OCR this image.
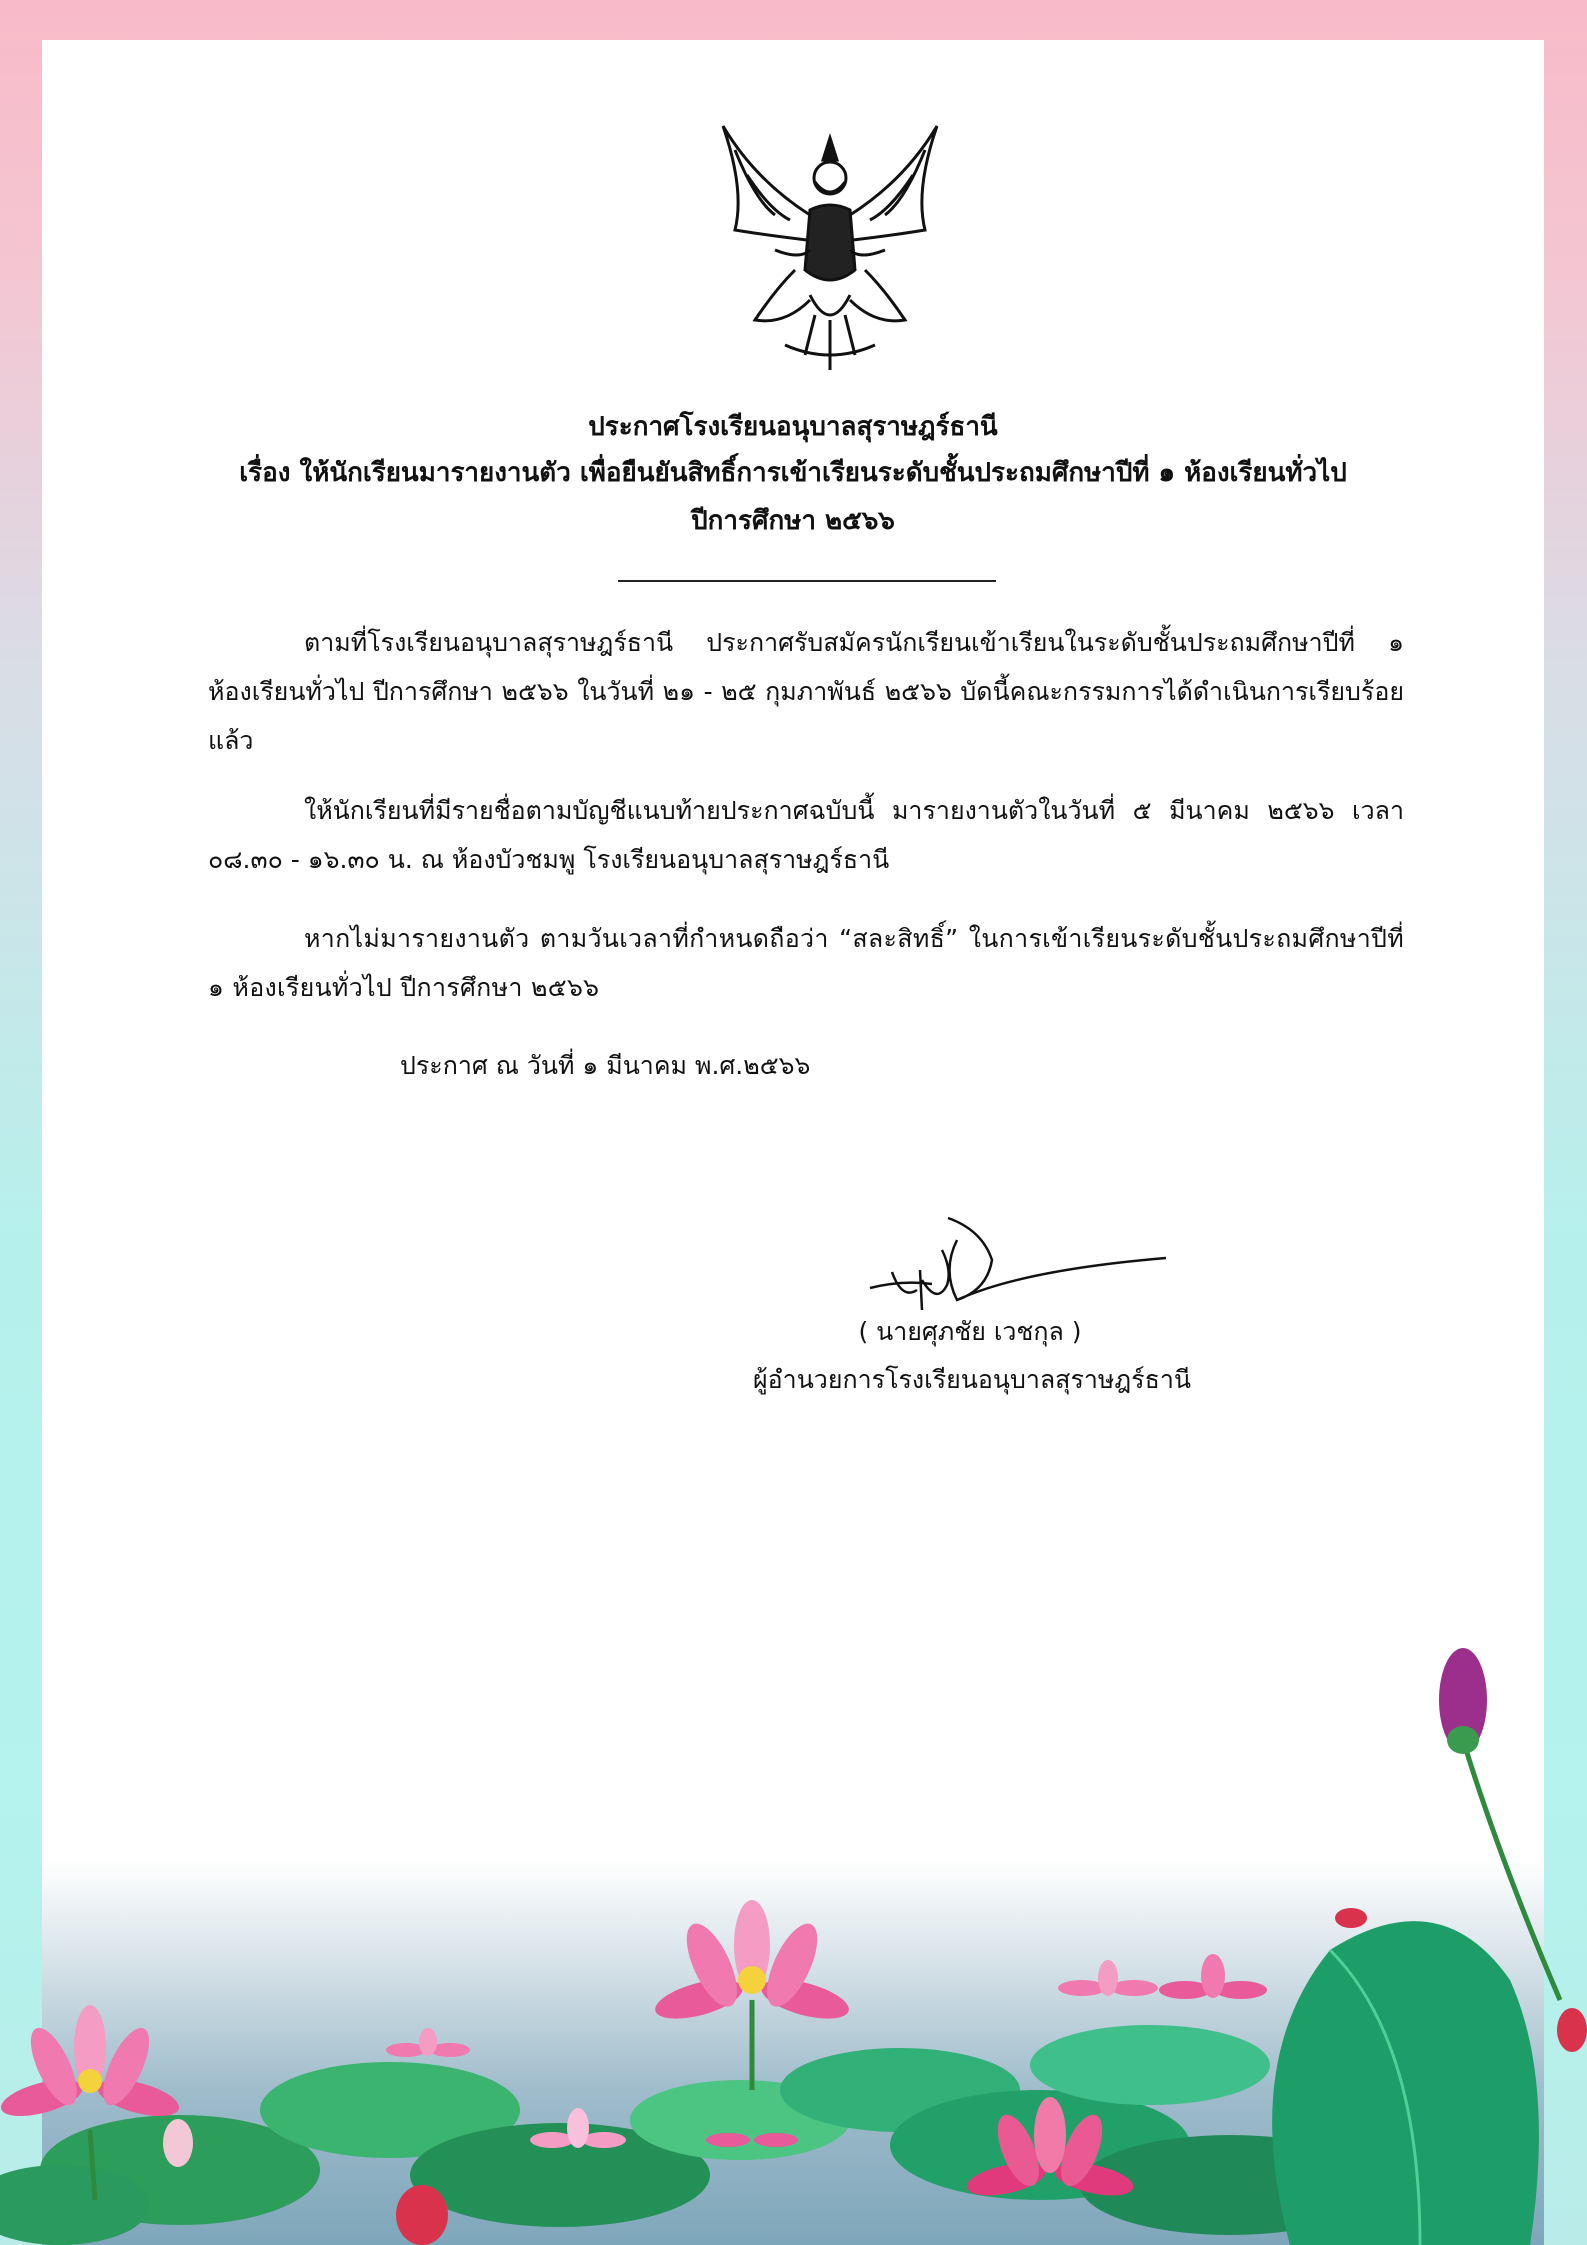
ประกาศโรงเรียนอนุบาลสุราษฎร์ธานี
เรื่อง ให้นักเรียนมารายงานตัว เพื่อยืนยันสิทธิ์การเข้าเรียนระดับชั้นประถมศึกษาปีที่ ๑ ห้องเรียนทั่วไป
ปีการศึกษา ๒๕๖๖

ตามที่โรงเรียนอนุบาลสุราษฎร์ธานี ประกาศรับสมัครนักเรียนเข้าเรียนในระดับชั้นประถมศึกษาปีที่ ๑ ห้องเรียนทั่วไป ปีการศึกษา ๒๕๖๖ ในวันที่ ๒๑ - ๒๕ กุมภาพันธ์ ๒๕๖๖ บัดนี้คณะกรรมการได้ดำเนินการเรียบร้อยแล้ว

ให้นักเรียนที่มีรายชื่อตามบัญชีแนบท้ายประกาศฉบับนี้ มารายงานตัวในวันที่ ๕ มีนาคม ๒๕๖๖ เวลา ๐๘.๓๐ - ๑๖.๓๐ น. ณ ห้องบัวชมพู โรงเรียนอนุบาลสุราษฎร์ธานี

หากไม่มารายงานตัว ตามวันเวลาที่กำหนดถือว่า “สละสิทธิ์” ในการเข้าเรียนระดับชั้นประถมศึกษาปีที่ ๑ ห้องเรียนทั่วไป ปีการศึกษา ๒๕๖๖

ประกาศ ณ วันที่ ๑ มีนาคม พ.ศ.๒๕๖๖
( นายศุภชัย เวชกุล )
ผู้อำนวยการโรงเรียนอนุบาลสุราษฎร์ธานี
